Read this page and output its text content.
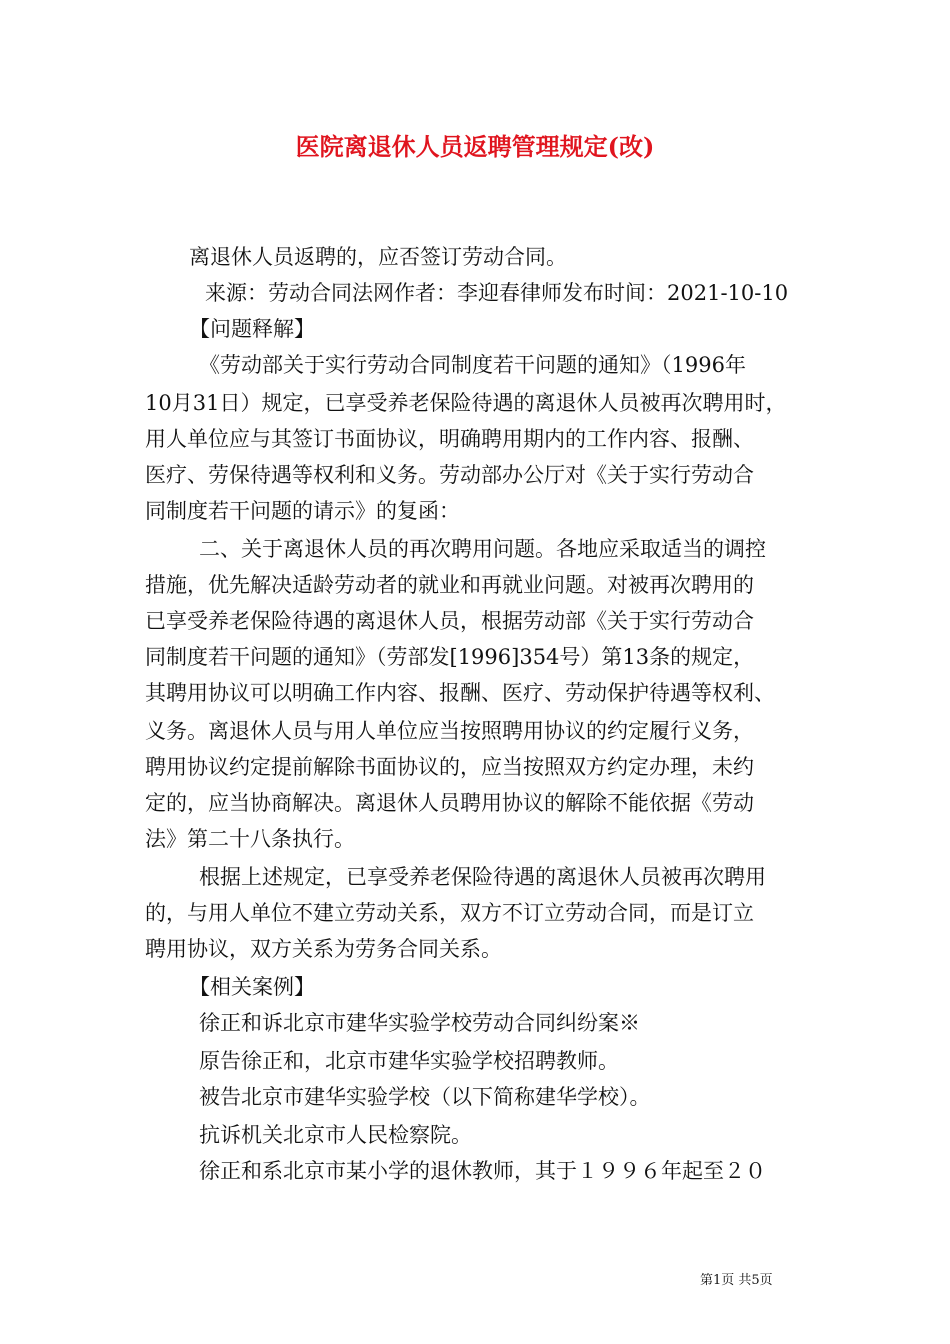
医院离退休人员返聘管理规定(改)
离退休人员返聘的，应否签订劳动合同。
来源：劳动合同法网作者：李迎春律师发布时间：2021-10-10
【问题释解】
《劳动部关于实行劳动合同制度若干问题的通知》（1996年
10月31日）规定，已享受养老保险待遇的离退休人员被再次聘用时，
用人单位应与其签订书面协议，明确聘用期内的工作内容、报酬、
医疗、劳保待遇等权利和义务。劳动部办公厅对《关于实行劳动合
同制度若干问题的请示》的复函：
二、关于离退休人员的再次聘用问题。各地应采取适当的调控
措施，优先解决适龄劳动者的就业和再就业问题。对被再次聘用的
已享受养老保险待遇的离退休人员，根据劳动部《关于实行劳动合
同制度若干问题的通知》（劳部发[1996]354号）第13条的规定，
其聘用协议可以明确工作内容、报酬、医疗、劳动保护待遇等权利、
义务。离退休人员与用人单位应当按照聘用协议的约定履行义务，
聘用协议约定提前解除书面协议的，应当按照双方约定办理，未约
定的，应当协商解决。离退休人员聘用协议的解除不能依据《劳动
法》第二十八条执行。
根据上述规定，已享受养老保险待遇的离退休人员被再次聘用
的，与用人单位不建立劳动关系，双方不订立劳动合同，而是订立
聘用协议，双方关系为劳务合同关系。
【相关案例】
徐正和诉北京市建华实验学校劳动合同纠纷案※
原告徐正和，北京市建华实验学校招聘教师。
被告北京市建华实验学校（以下简称建华学校）。
抗诉机关北京市人民检察院。
徐正和系北京市某小学的退休教师，其于１９９６年起至２０
第1页 共5页
